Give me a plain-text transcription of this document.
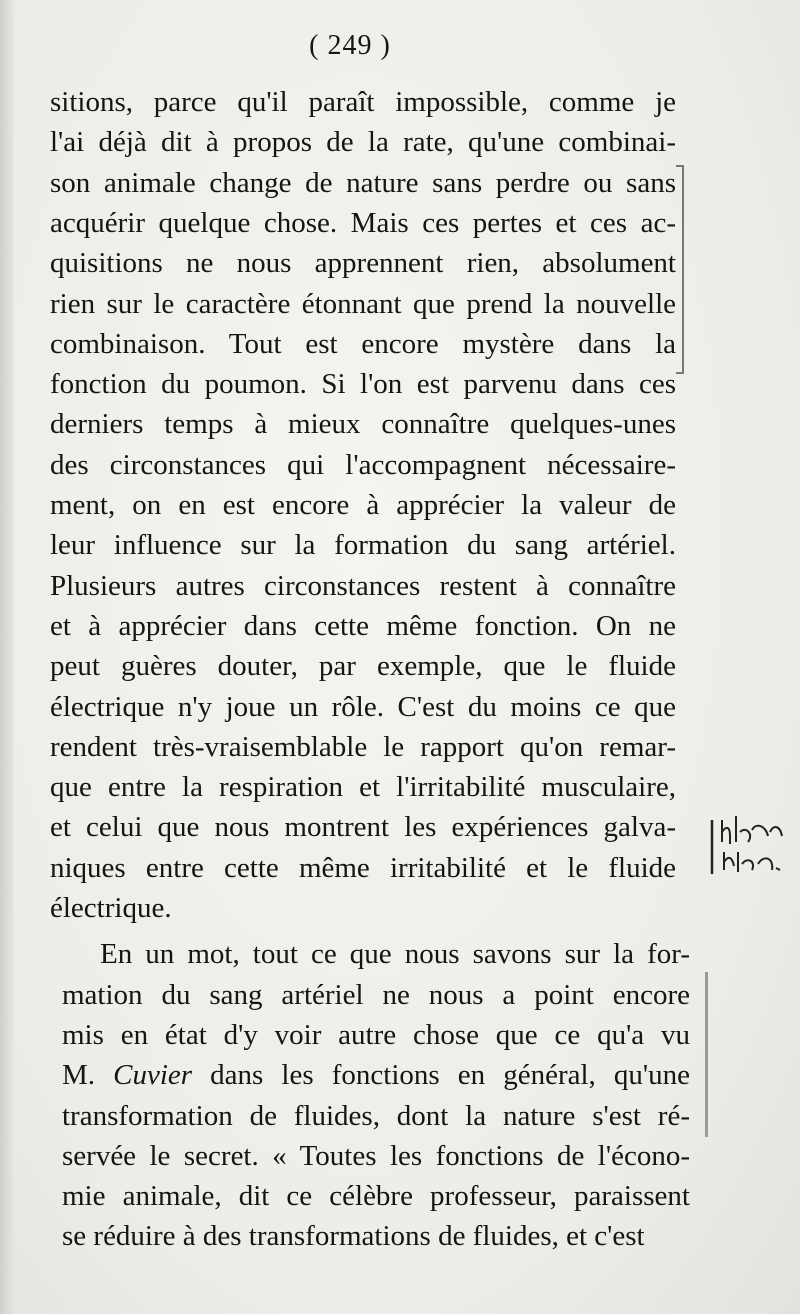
( 249 )
sitions, parce qu'il paraît impossible, comme je
l'ai déjà dit à propos de la rate, qu'une combinai-
son animale change de nature sans perdre ou sans
acquérir quelque chose. Mais ces pertes et ces ac-
quisitions ne nous apprennent rien, absolument
rien sur le caractère étonnant que prend la nouvelle
combinaison. Tout est encore mystère dans la
fonction du poumon. Si l'on est parvenu dans ces
derniers temps à mieux connaître quelques-unes
des circonstances qui l'accompagnent nécessaire-
ment, on en est encore à apprécier la valeur de
leur influence sur la formation du sang artériel.
Plusieurs autres circonstances restent à connaître
et à apprécier dans cette même fonction. On ne
peut guères douter, par exemple, que le fluide
électrique n'y joue un rôle. C'est du moins ce que
rendent très-vraisemblable le rapport qu'on remar-
que entre la respiration et l'irritabilité musculaire,
et celui que nous montrent les expériences galva-
niques entre cette même irritabilité et le fluide
électrique.
En un mot, tout ce que nous savons sur la for-
mation du sang artériel ne nous a point encore
mis en état d'y voir autre chose que ce qu'a vu
M. Cuvier dans les fonctions en général, qu'une
transformation de fluides, dont la nature s'est ré-
servée le secret. « Toutes les fonctions de l'écono-
mie animale, dit ce célèbre professeur, paraissent
se réduire à des transformations de fluides, et c'est
